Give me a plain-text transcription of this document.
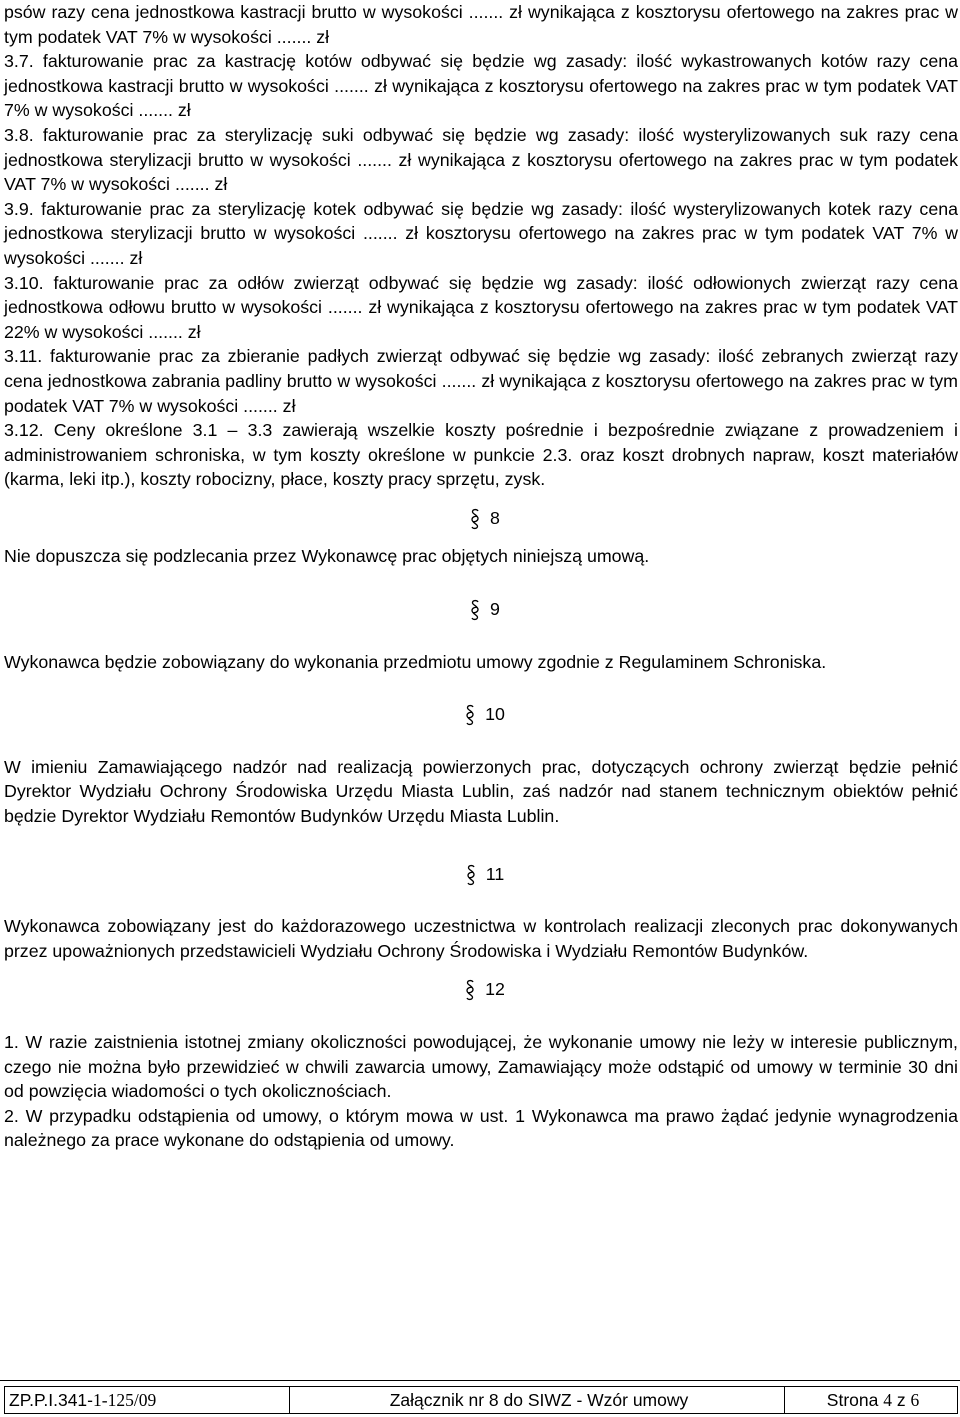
psów razy cena jednostkowa kastracji brutto w wysokości ....... zł wynikająca z kosztorysu ofertowego na zakres prac w tym podatek VAT 7% w wysokości ....... zł

3.7. fakturowanie prac za kastrację kotów odbywać się będzie wg zasady: ilość wykastrowanych kotów razy cena jednostkowa kastracji brutto w wysokości ....... zł wynikająca z kosztorysu ofertowego na zakres prac w tym podatek VAT 7% w wysokości ....... zł

3.8. fakturowanie prac za sterylizację suki odbywać się będzie wg zasady: ilość wysterylizowanych suk razy cena jednostkowa sterylizacji brutto w wysokości ....... zł wynikająca z kosztorysu ofertowego na zakres prac w tym podatek VAT 7% w wysokości ....... zł

3.9. fakturowanie prac za sterylizację kotek odbywać się będzie wg zasady: ilość wysterylizowanych kotek razy cena jednostkowa sterylizacji brutto w wysokości ....... zł kosztorysu ofertowego na zakres prac w tym podatek VAT 7% w wysokości ....... zł

3.10. fakturowanie prac za odłów zwierząt odbywać się będzie wg zasady: ilość odłowionych zwierząt razy cena jednostkowa odłowu brutto w wysokości ....... zł wynikająca z kosztorysu ofertowego na zakres prac w tym podatek VAT 22% w wysokości ....... zł

3.11. fakturowanie prac za zbieranie padłych zwierząt odbywać się będzie wg zasady: ilość zebranych zwierząt razy cena jednostkowa zabrania padliny brutto w wysokości ....... zł wynikająca z kosztorysu ofertowego na zakres prac w tym podatek VAT 7% w wysokości ....... zł

3.12. Ceny określone 3.1 – 3.3 zawierają wszelkie koszty pośrednie i bezpośrednie związane z prowadzeniem i administrowaniem schroniska, w tym koszty określone w punkcie 2.3. oraz koszt drobnych napraw, koszt materiałów (karma, leki itp.), koszty robocizny, płace, koszty pracy sprzętu, zysk.

8

Nie dopuszcza się podzlecania przez Wykonawcę prac objętych niniejszą umową.

9

Wykonawca będzie zobowiązany do wykonania przedmiotu umowy zgodnie z Regulaminem Schroniska.

10

W imieniu Zamawiającego nadzór nad realizacją powierzonych prac, dotyczących ochrony zwierząt będzie pełnić Dyrektor Wydziału Ochrony Środowiska Urzędu Miasta Lublin, zaś nadzór nad stanem technicznym obiektów pełnić będzie Dyrektor Wydziału Remontów Budynków Urzędu Miasta Lublin.

11

Wykonawca zobowiązany jest do każdorazowego uczestnictwa w kontrolach realizacji zleconych prac dokonywanych przez upoważnionych przedstawicieli Wydziału Ochrony Środowiska i Wydziału Remontów Budynków.

12

1. W razie zaistnienia istotnej zmiany okoliczności powodującej, że wykonanie umowy nie leży w interesie publicznym, czego nie można było przewidzieć w chwili zawarcia umowy, Zamawiający może odstąpić od umowy w terminie 30 dni od powzięcia wiadomości o tych okolicznościach.

2. W przypadku odstąpienia od umowy, o którym mowa w ust. 1 Wykonawca ma prawo żądać jedynie wynagrodzenia należnego za prace wykonane do odstąpienia od umowy.

ZP.P.I.341-1-125/09	Załącznik nr 8 do SIWZ - Wzór umowy	Strona 4 z 6
